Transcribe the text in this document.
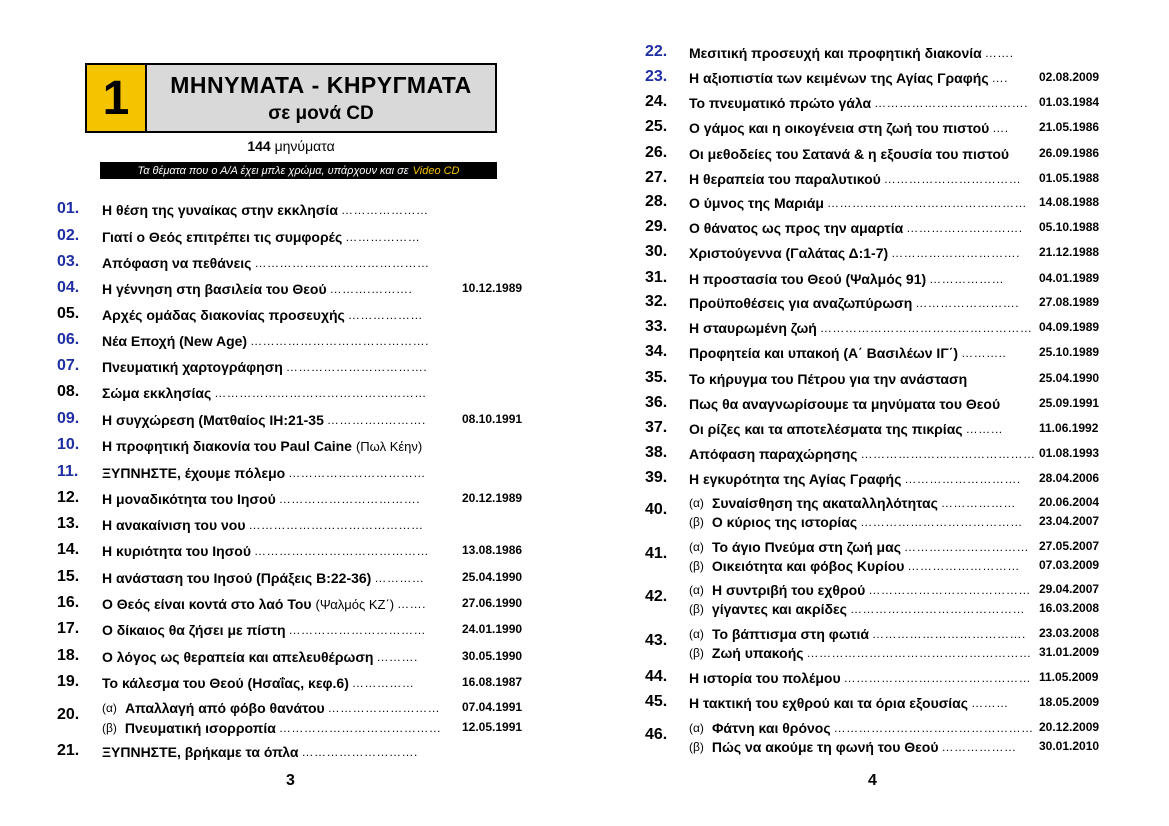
1	ΜΗΝΥΜΑΤΑ - ΚΗΡΥΓΜΑΤΑ
σε μονά CD
144 μηνύματα
Τα θέματα που ο Α/Α έχει μπλε χρώμα, υπάρχουν και σε Video CD
01. Η θέση της γυναίκας στην εκκλησία …………………
02. Γιατί ο Θεός επιτρέπει τις συμφορές ………………
03. Απόφαση να πεθάνεις ……………………………………
04. Η γέννηση στη βασιλεία του Θεού ……….……….	10.12.1989
05. Αρχές ομάδας διακονίας προσευχής ………………
06. Νέα Εποχή (New Age) …………………………………….
07. Πνευματική χαρτογράφηση …………………………….
08. Σώμα εκκλησίας ……………………………………………
09. Η συγχώρεση (Ματθαίος ΙΗ:21-35 …………..……….	08.10.1991
10. Η προφητική διακονία του Paul Caine (Πωλ Κέην)
11. ΞΥΠΝΗΣΤΕ, έχουμε πόλεμο ……………………………
12. Η μοναδικότητα του Ιησού …………………………….	20.12.1989
13. Η ανακαίνιση του νου ……………………………………
14. Η κυριότητα του Ιησού ……………………………………	13.08.1986
15. Η ανάσταση του Ιησού (Πράξεις Β:22-36) …………	25.04.1990
16. Ο Θεός είναι κοντά στο λαό Του (Ψαλμός ΚΖ΄) …….	27.06.1990
17. Ο δίκαιος θα ζήσει με πίστη ……………………………	24.01.1990
18. Ο λόγος ως θεραπεία και απελευθέρωση ……….	30.05.1990
19. Το κάλεσμα του Θεού (Ησαΐας, κεφ.6) ……………	16.08.1987
20. (α) Απαλλαγή από φόβο θανάτου ……………………… 07.04.1991
(β) Πνευματική ισορροπία ………………………………… 12.05.1991
21. ΞΥΠΝΗΣΤΕ, βρήκαμε τα όπλα ……………………….
3
22. Μεσιτική προσευχή και προφητική διακονία …….
23. Η αξιοπιστία των κειμένων της Αγίας Γραφής ….	02.08.2009
24. Το πνευματικό πρώτο γάλα ………………………………. 01.03.1984
25. Ο γάμος και η οικογένεια στη ζωή του πιστού ….	21.05.1986
26. Οι μεθοδείες του Σατανά & η εξουσία του πιστού 26.09.1986
27. Η θεραπεία του παραλυτικού …………………………… 01.05.1988
28. Ο ύμνος της Μαριάμ ………………………………………… 14.08.1988
29. Ο θάνατος ως προς την αμαρτία ………………………. 05.10.1988
30. Χριστούγεννα (Γαλάτας Δ:1-7) …………………………. 21.12.1988
31. Η προστασία του Θεού (Ψαλμός 91) ………………	04.01.1989
32. Προϋποθέσεις για αναζωπύρωση ……………………. 27.08.1989
33. Η σταυρωμένη ζωή …………………………………………… 04.09.1989
34. Προφητεία και υπακοή (Α΄ Βασιλέων ΙΓ΄) ………..	25.10.1989
35. Το κήρυγμα του Πέτρου για την ανάσταση	25.04.1990
36. Πως θα αναγνωρίσουμε τα μηνύματα του Θεού	25.09.1991
37. Οι ρίζες και τα αποτελέσματα της πικρίας ………	11.06.1992
38. Απόφαση παραχώρησης …………………………………… 01.08.1993
39. Η εγκυρότητα της Αγίας Γραφής ………………………. 28.04.2006
40. (α) Συναίσθηση της ακαταλληλότητας ……………… 20.06.2004
(β) Ο κύριος της ιστορίας ………………………………… 23.04.2007
41. (α) Το άγιο Πνεύμα στη ζωή μας ………………………… 27.05.2007
(β) Οικειότητα και φόβος Κυρίου ……………………… 07.03.2009
42. (α) Η συντριβή του εχθρού ………………………………… 29.04.2007
(β) γίγαντες και ακρίδες …………………………………… 16.03.2008
43. (α) Το βάπτισμα στη φωτιά ………………………………. 23.03.2008
(β) Ζωή υπακοής ……………………………………………… 31.01.2009
44. Η ιστορία του πολέμου ……………………………………… 11.05.2009
45. Η τακτική του εχθρού και τα όρια εξουσίας ………	18.05.2009
46. (α) Φάτνη και θρόνος ………………………………………… 20.12.2009
(β) Πώς να ακούμε τη φωνή του Θεού ……………… 30.01.2010
4
